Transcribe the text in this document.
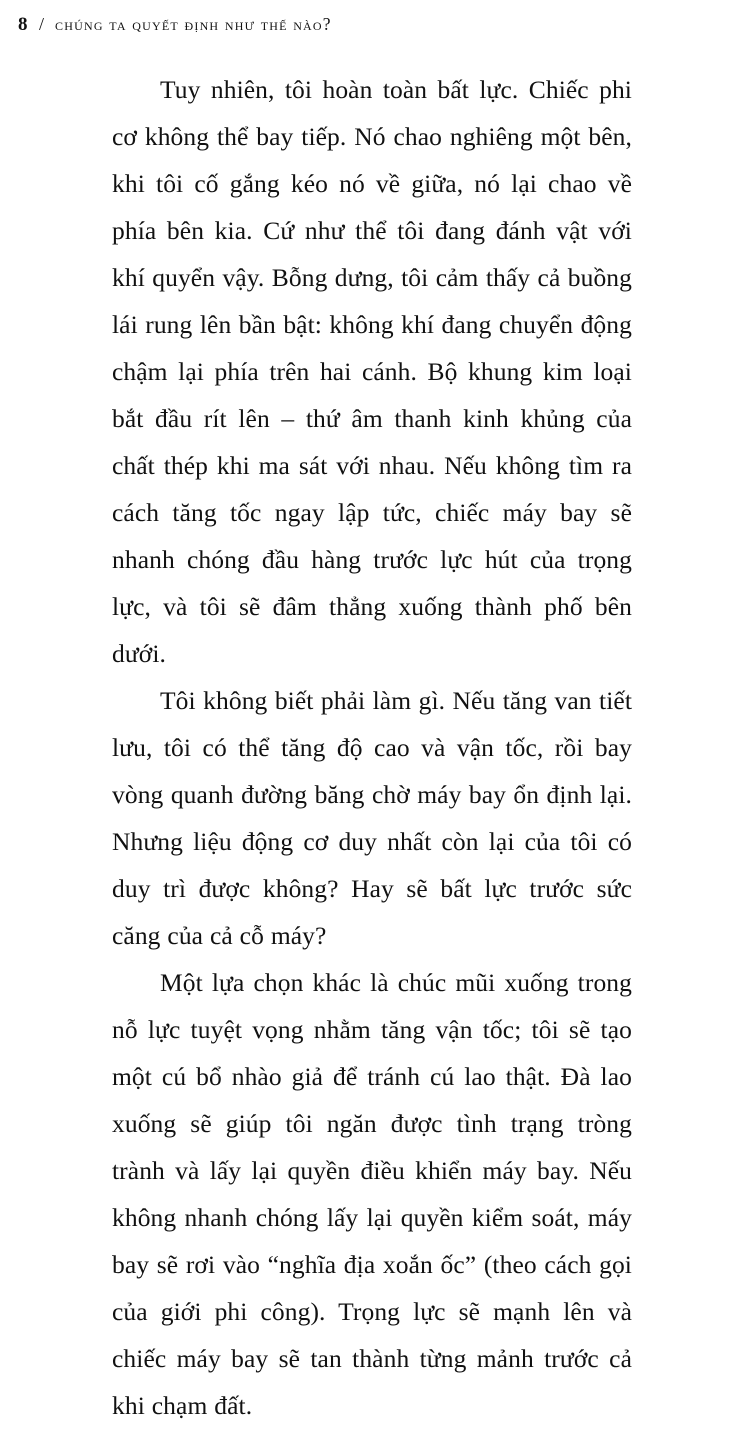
8 / chúng ta quyết định như thế nào?

Tuy nhiên, tôi hoàn toàn bất lực. Chiếc phi cơ không thể bay tiếp. Nó chao nghiêng một bên, khi tôi cố gắng kéo nó về giữa, nó lại chao về phía bên kia. Cứ như thể tôi đang đánh vật với khí quyển vậy. Bỗng dưng, tôi cảm thấy cả buồng lái rung lên bần bật: không khí đang chuyển động chậm lại phía trên hai cánh. Bộ khung kim loại bắt đầu rít lên – thứ âm thanh kinh khủng của chất thép khi ma sát với nhau. Nếu không tìm ra cách tăng tốc ngay lập tức, chiếc máy bay sẽ nhanh chóng đầu hàng trước lực hút của trọng lực, và tôi sẽ đâm thẳng xuống thành phố bên dưới.

Tôi không biết phải làm gì. Nếu tăng van tiết lưu, tôi có thể tăng độ cao và vận tốc, rồi bay vòng quanh đường băng chờ máy bay ổn định lại. Nhưng liệu động cơ duy nhất còn lại của tôi có duy trì được không? Hay sẽ bất lực trước sức căng của cả cỗ máy?

Một lựa chọn khác là chúc mũi xuống trong nỗ lực tuyệt vọng nhằm tăng vận tốc; tôi sẽ tạo một cú bổ nhào giả để tránh cú lao thật. Đà lao xuống sẽ giúp tôi ngăn được tình trạng tròng trành và lấy lại quyền điều khiển máy bay. Nếu không nhanh chóng lấy lại quyền kiểm soát, máy bay sẽ rơi vào “nghĩa địa xoắn ốc” (theo cách gọi của giới phi công). Trọng lực sẽ mạnh lên và chiếc máy bay sẽ tan thành từng mảnh trước cả khi chạm đất.
